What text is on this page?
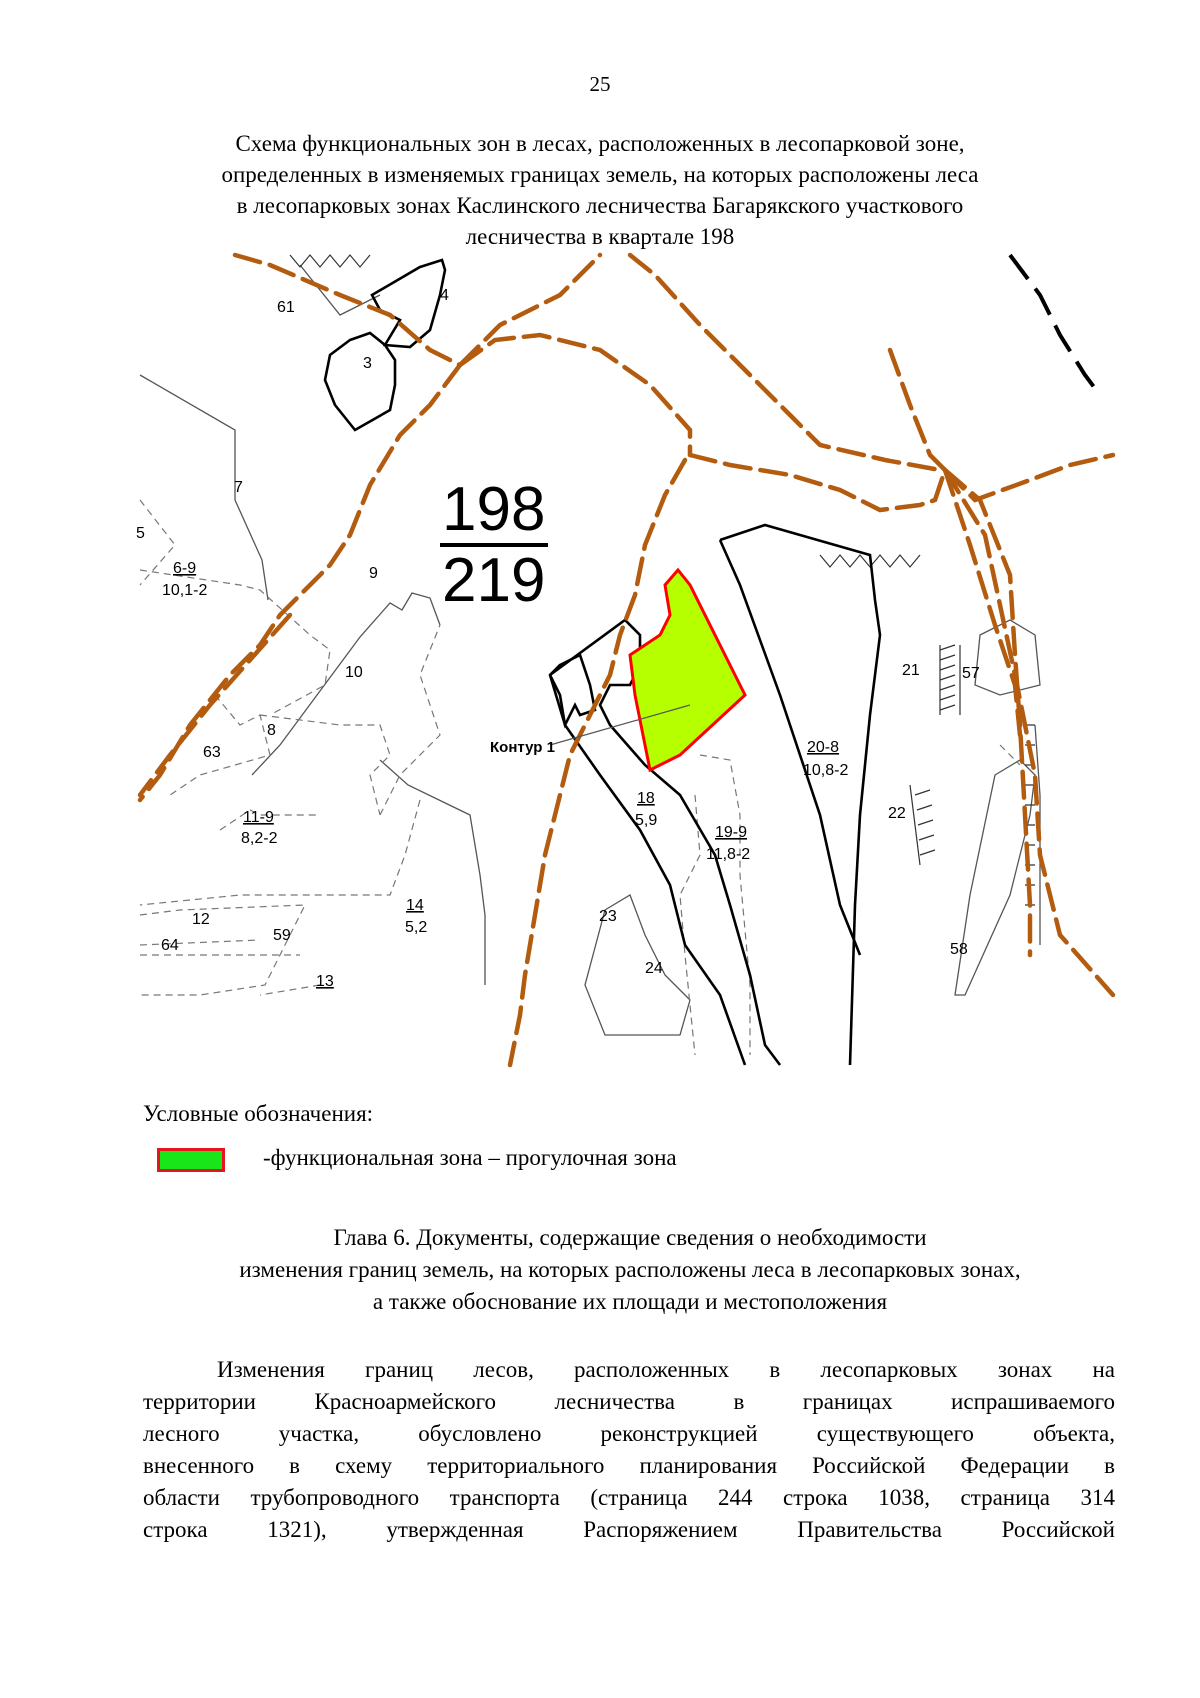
25
Схема функциональных зон в лесах, расположенных в лесопарковой зоне,
определенных в изменяемых границах земель, на которых расположены леса
в лесопарковых зонах Каслинского лесничества Багарякского участкового
лесничества в квартале 198
Контур 1
198
219
61
4
3
7
5
6-9
10,1-2
9
10
8
63
11-9
8,2-2
12
64
59
13
14
5,2
18
5,9
19-9
11,8-2
23
24
20-8
10,8-2
21	57
22
58
Условные обозначения:
-функциональная зона – прогулочная зона
Глава 6. Документы, содержащие сведения о необходимости
изменения границ земель, на которых расположены леса в лесопарковых зонах,
а также обоснование их площади и местоположения
Изменения границ лесов, расположенных в лесопарковых зонах на
территории Красноармейского лесничества в границах испрашиваемого
лесного участка, обусловлено реконструкцией существующего объекта,
внесенного в схему территориального планирования Российской Федерации в
области трубопроводного транспорта (страница 244 строка 1038, страница 314
строка 1321), утвержденная Распоряжением Правительства Российской
